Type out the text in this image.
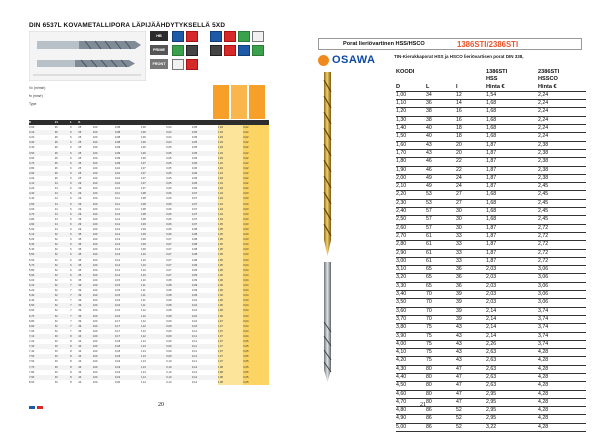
DIN 6537L KOVAMETALLIPORA LÄPIJÄÄHDYTYKSELLÄ 5XD
HB
PRIME
FRONT
Vc (m/min)
fn (mm/r)
Type
D	d1	L	l1							
3,00	36	6	25	100	0,08	0,06	0,04	0,05	0,03	0,02
3,10	36	6	25	100	0,08	0,06	0,04	0,05	0,03	0,02
3,20	36	6	25	100	0,08	0,06	0,04	0,05	0,03	0,02
3,30	36	6	25	100	0,08	0,06	0,04	0,05	0,03	0,02
3,40	36	6	25	100	0,09	0,06	0,05	0,05	0,03	0,02
3,50	36	6	25	100	0,09	0,06	0,05	0,05	0,03	0,02
3,60	36	6	25	100	0,09	0,06	0,05	0,06	0,03	0,02
3,70	36	6	25	100	0,09	0,07	0,05	0,06	0,03	0,02
3,80	36	6	25	100	0,10	0,07	0,05	0,06	0,04	0,02
3,90	36	6	25	100	0,10	0,07	0,05	0,06	0,04	0,02
4,00	36	6	25	100	0,10	0,07	0,05	0,06	0,04	0,02
4,10	44	6	29	100	0,10	0,07	0,05	0,06	0,04	0,02
4,20	44	6	29	100	0,10	0,07	0,05	0,06	0,04	0,02
4,30	44	6	29	100	0,11	0,08	0,06	0,07	0,04	0,03
4,40	44	6	29	100	0,11	0,08	0,06	0,07	0,04	0,03
4,50	44	6	29	100	0,11	0,08	0,06	0,07	0,04	0,03
4,60	44	6	29	100	0,11	0,08	0,06	0,07	0,04	0,03
4,70	44	6	29	100	0,12	0,08	0,06	0,07	0,04	0,03
4,80	44	6	29	100	0,12	0,08	0,06	0,07	0,04	0,03
4,90	44	6	29	100	0,12	0,09	0,06	0,07	0,05	0,03
5,00	44	6	29	100	0,12	0,09	0,06	0,08	0,05	0,03
5,10	52	6	35	100	0,12	0,09	0,06	0,08	0,05	0,03
5,20	52	6	35	100	0,13	0,09	0,07	0,08	0,05	0,03
5,30	52	6	35	100	0,13	0,09	0,07	0,08	0,05	0,03
5,40	52	6	35	100	0,13	0,09	0,07	0,08	0,05	0,03
5,50	52	6	35	100	0,13	0,10	0,07	0,08	0,05	0,03
5,60	52	6	35	100	0,14	0,10	0,07	0,08	0,05	0,04
5,70	52	6	35	100	0,14	0,10	0,07	0,09	0,05	0,04
5,80	52	6	35	100	0,14	0,10	0,07	0,09	0,06	0,04
5,90	52	6	35	100	0,14	0,10	0,07	0,09	0,06	0,04
6,00	52	6	35	100	0,15	0,10	0,08	0,09	0,06	0,04
6,10	52	7	39	100	0,15	0,11	0,08	0,09	0,06	0,04
6,20	52	7	39	100	0,15	0,11	0,08	0,09	0,06	0,04
6,30	52	7	39	100	0,15	0,11	0,08	0,09	0,06	0,04
6,40	52	7	39	100	0,16	0,11	0,08	0,10	0,06	0,04
6,50	52	7	39	100	0,16	0,11	0,08	0,10	0,06	0,04
6,60	52	7	39	100	0,16	0,12	0,08	0,10	0,06	0,04
6,70	52	7	39	100	0,16	0,12	0,08	0,10	0,06	0,04
6,80	52	7	39	100	0,17	0,12	0,09	0,10	0,07	0,04
6,90	52	7	39	100	0,17	0,12	0,09	0,10	0,07	0,04
7,00	52	7	39	100	0,17	0,12	0,09	0,11	0,07	0,04
7,10	60	8	43	100	0,17	0,12	0,09	0,11	0,07	0,04
7,20	60	8	43	100	0,18	0,13	0,09	0,11	0,07	0,05
7,30	60	8	43	100	0,18	0,13	0,09	0,11	0,07	0,05
7,40	60	8	43	100	0,18	0,13	0,09	0,11	0,07	0,05
7,50	60	8	43	100	0,18	0,13	0,09	0,11	0,07	0,05
7,60	60	8	43	100	0,19	0,13	0,10	0,11	0,07	0,05
7,70	60	8	43	100	0,19	0,13	0,10	0,12	0,08	0,05
7,80	60	8	43	100	0,19	0,14	0,10	0,12	0,08	0,05
7,90	60	8	43	100	0,19	0,14	0,10	0,12	0,08	0,05
8,00	60	8	43	100	0,20	0,14	0,10	0,12	0,08	0,05
20
Porat lieriövartinen HSS/HSCO	1386STI/2386STI
OSAWA	TIN-Kierukkaporat HSS ja HSCO lieriövartisen porat DIN 338,
KOODI			1386STI	2386STI
			HSS	HSSCO
D	L	l	Hinta €	Hinta €
1,00	34	12	1,54	2,24
1,10	36	14	1,68	2,24
1,20	38	16	1,68	2,24
1,30	38	16	1,68	2,24
1,40	40	18	1,68	2,24
1,50	40	18	1,68	2,24
1,60	43	20	1,87	2,38
1,70	43	20	1,87	2,38
1,80	46	22	1,87	2,38
1,90	46	22	1,87	2,38
2,00	49	24	1,87	2,38
2,10	49	24	1,87	2,45
2,20	53	27	1,68	2,45
2,30	53	27	1,68	2,45
2,40	57	30	1,68	2,45
2,50	57	30	1,68	2,45
2,60	57	30	1,87	2,72
2,70	61	33	1,87	2,72
2,80	61	33	1,87	2,72
2,90	61	33	1,87	2,72
3,00	61	33	1,87	2,72
3,10	65	36	2,03	3,06
3,20	65	36	2,03	3,06
3,30	65	36	2,03	3,06
3,40	70	39	2,03	3,06
3,50	70	39	2,03	3,06
3,60	70	39	2,14	3,74
3,70	70	39	2,14	3,74
3,80	75	43	2,14	3,74
3,90	75	43	2,14	3,74
4,00	75	43	2,26	3,74
4,10	75	43	2,63	4,28
4,20	75	43	2,63	4,28
4,30	80	47	2,63	4,28
4,40	80	47	2,63	4,28
4,50	80	47	2,63	4,28
4,60	80	47	2,95	4,28
4,70	80	47	2,95	4,28
4,80	86	52	2,95	4,28
4,90	86	52	2,95	4,28
5,00	86	52	3,22	4,28
21
